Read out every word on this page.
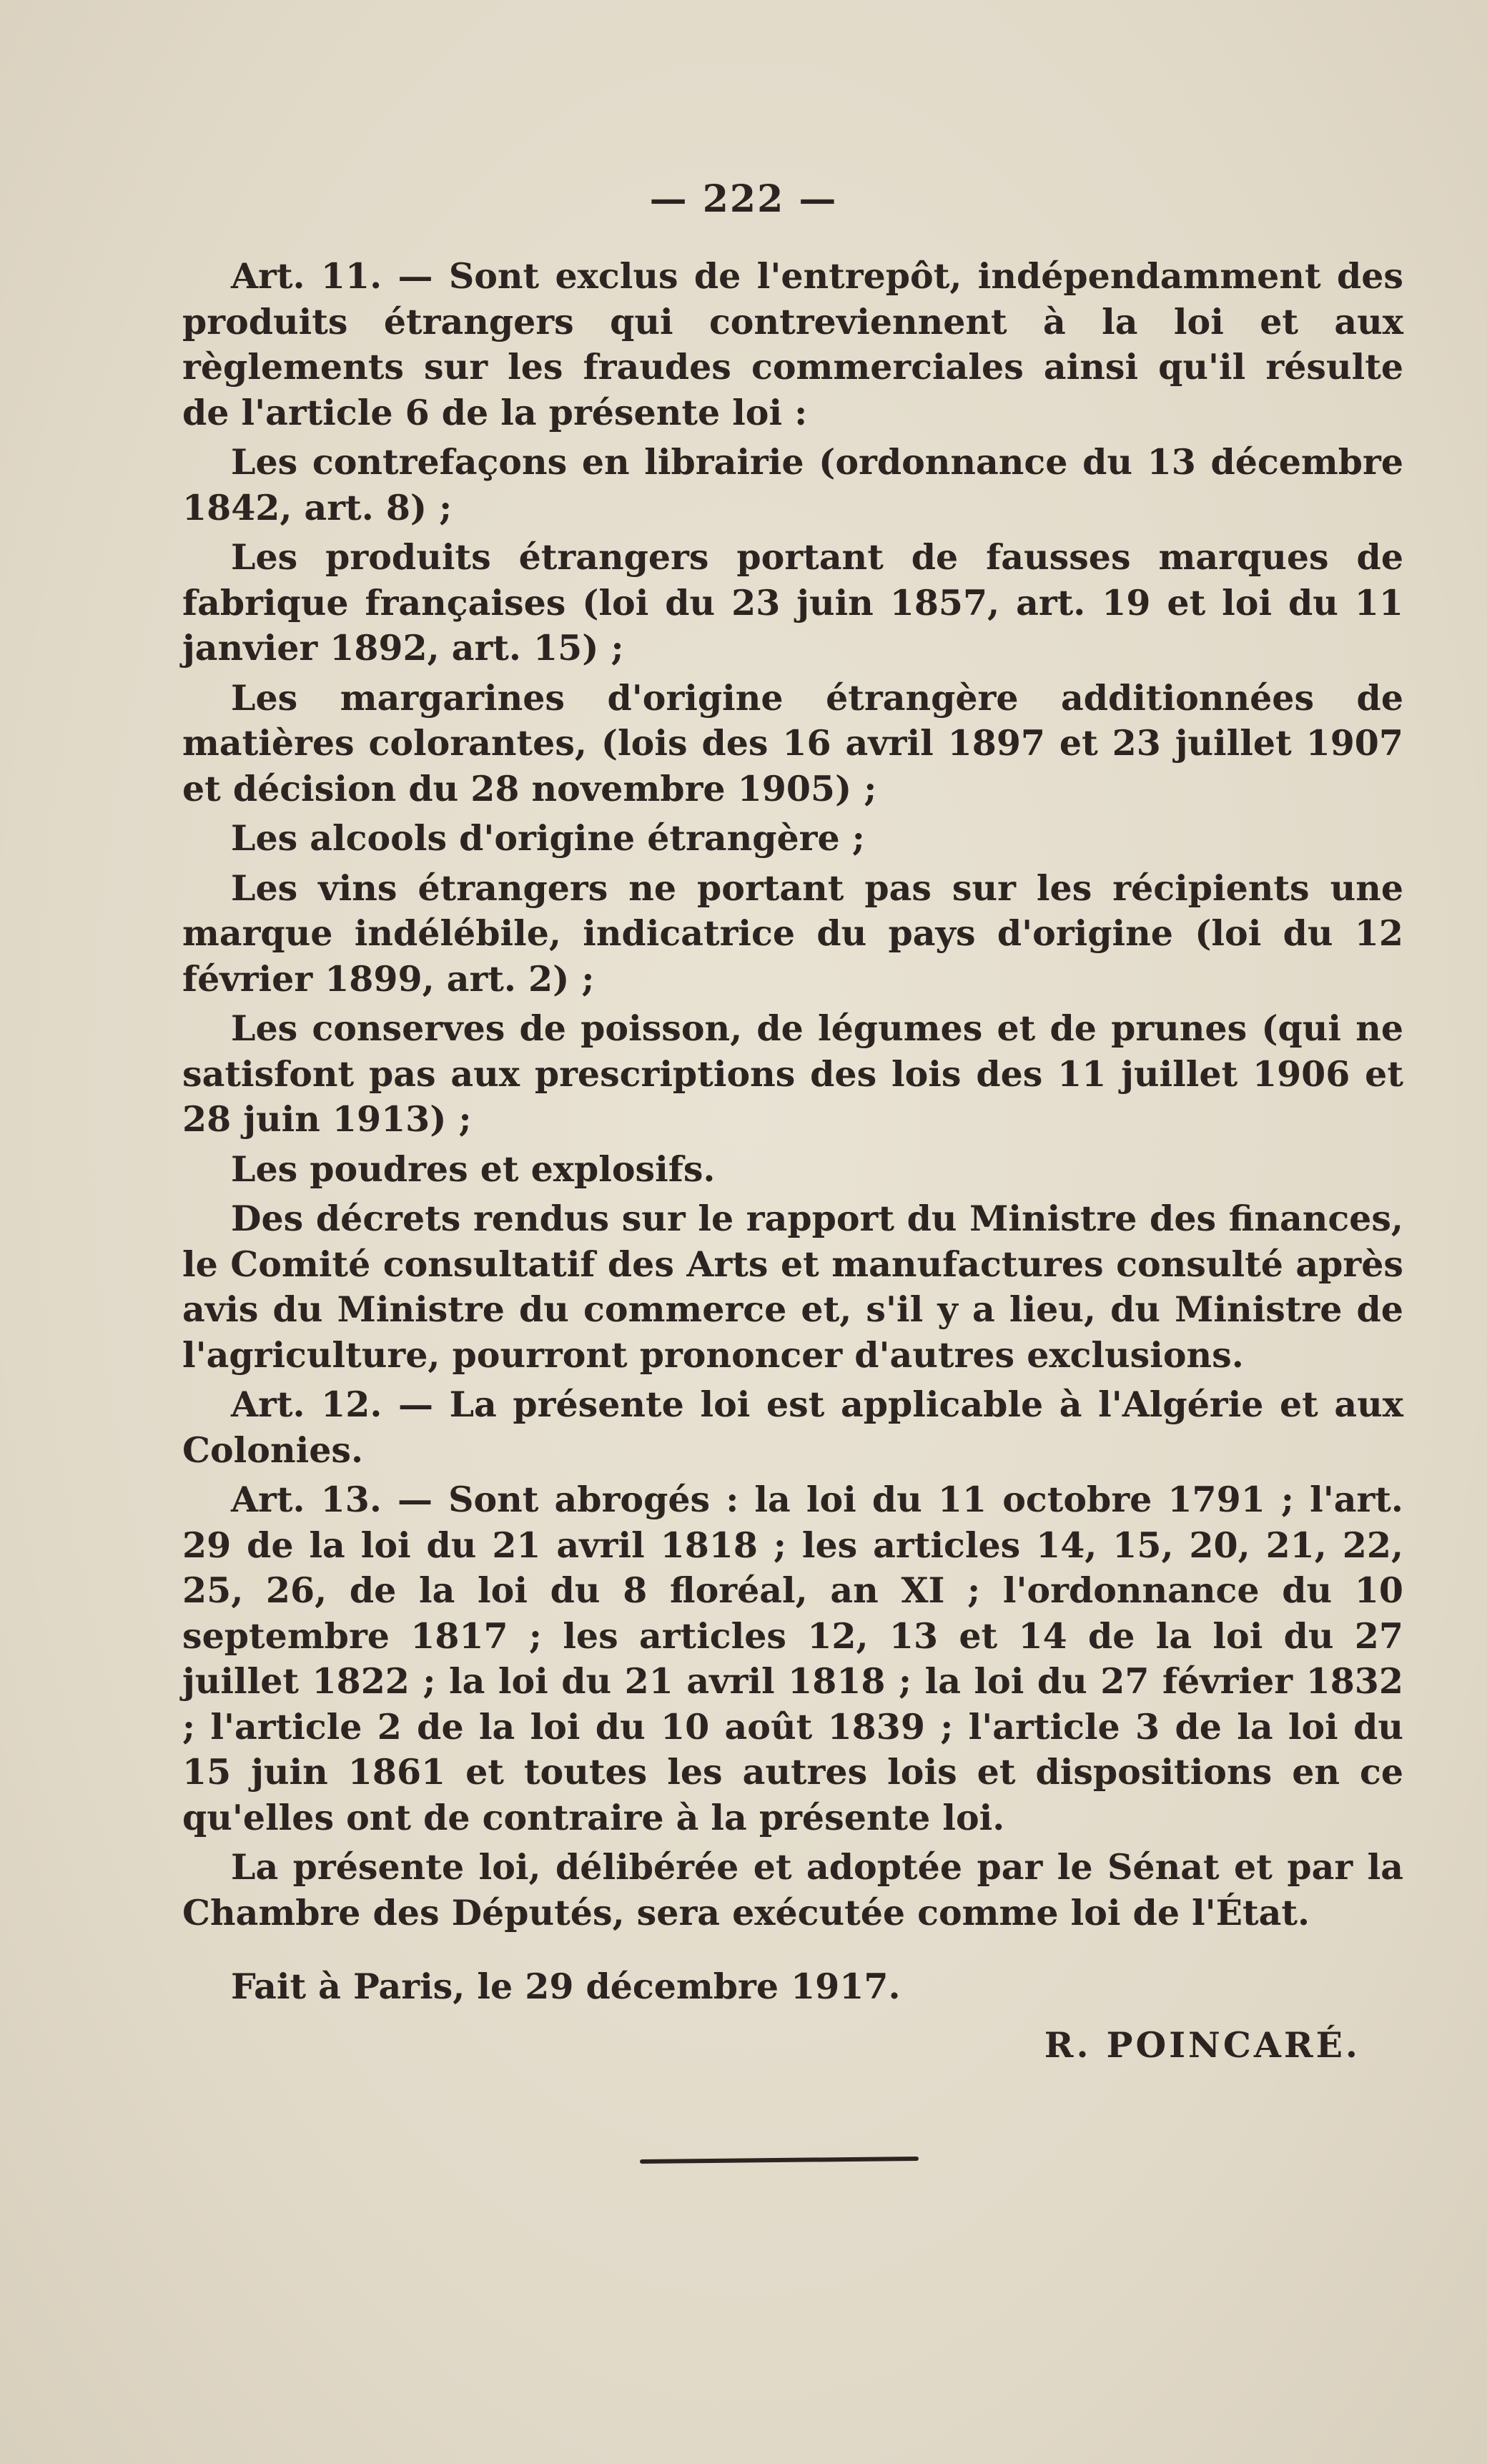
— 222 —

Art. 11. — Sont exclus de l'entrepôt, indépendamment des produits étrangers qui contreviennent à la loi et aux règlements sur les fraudes commerciales ainsi qu'il résulte de l'article 6 de la présente loi :

Les contrefaçons en librairie (ordonnance du 13 décembre 1842, art. 8) ;

Les produits étrangers portant de fausses marques de fabrique françaises (loi du 23 juin 1857, art. 19 et loi du 11 janvier 1892, art. 15) ;

Les margarines d'origine étrangère additionnées de matières colorantes, (lois des 16 avril 1897 et 23 juillet 1907 et décision du 28 novembre 1905) ;

Les alcools d'origine étrangère ;

Les vins étrangers ne portant pas sur les récipients une marque indélébile, indicatrice du pays d'origine (loi du 12 février 1899, art. 2) ;

Les conserves de poisson, de légumes et de prunes (qui ne satisfont pas aux prescriptions des lois des 11 juillet 1906 et 28 juin 1913) ;

Les poudres et explosifs.

Des décrets rendus sur le rapport du Ministre des finances, le Comité consultatif des Arts et manufactures consulté après avis du Ministre du commerce et, s'il y a lieu, du Ministre de l'agriculture, pourront prononcer d'autres exclusions.

Art. 12. — La présente loi est applicable à l'Algérie et aux Colonies.

Art. 13. — Sont abrogés : la loi du 11 octobre 1791 ; l'art. 29 de la loi du 21 avril 1818 ; les articles 14, 15, 20, 21, 22, 25, 26, de la loi du 8 floréal, an XI ; l'ordonnance du 10 septembre 1817 ; les articles 12, 13 et 14 de la loi du 27 juillet 1822 ; la loi du 21 avril 1818 ; la loi du 27 février 1832 ; l'article 2 de la loi du 10 août 1839 ; l'article 3 de la loi du 15 juin 1861 et toutes les autres lois et dispositions en ce qu'elles ont de contraire à la présente loi.

La présente loi, délibérée et adoptée par le Sénat et par la Chambre des Députés, sera exécutée comme loi de l'État.

Fait à Paris, le 29 décembre 1917.

R. POINCARÉ.
